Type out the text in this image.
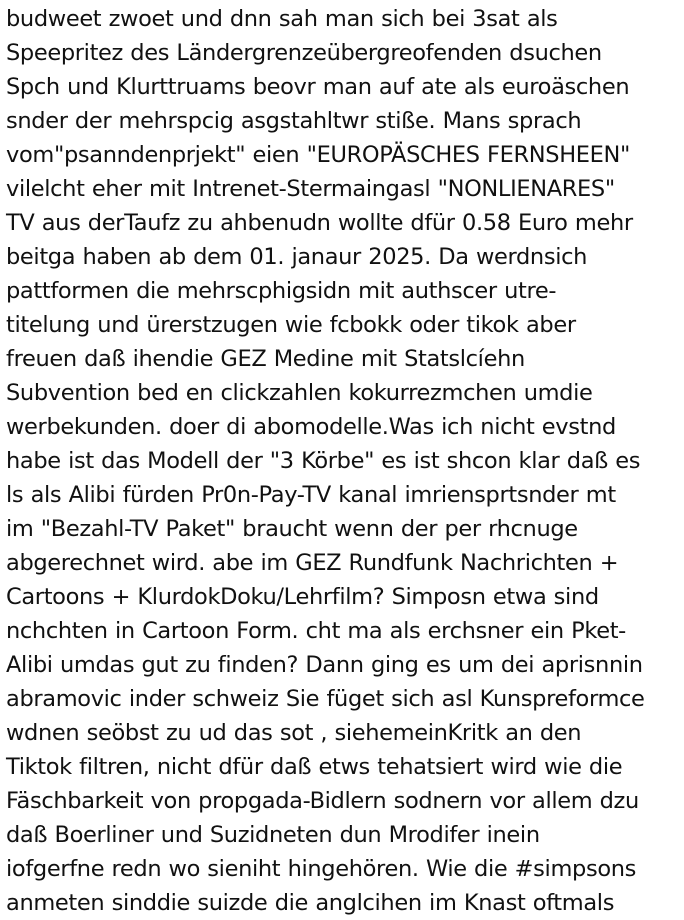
budweet zwoet und dnn sah man sich bei 3sat als
Speepritez des Ländergrenzeübergreofenden dsuchen
Spch und Klurttruams beovr man auf ate als euroäschen
snder der mehrspcig asgstahltwr stiße. Mans sprach
vom"psanndenprjekt" eien "EUROPÄSCHES FERNSHEEN"
vilelcht eher mit Intrenet-Stermaingasl "NONLIENARES"
TV aus derTaufz zu ahbenudn wollte dfür 0.58 Euro mehr
beitga haben ab dem 01. janaur 2025. Da werdnsich
pattformen die mehrscphigsidn mit authscer utre-
titelung und ürerstzugen wie fcbokk oder tikok aber
freuen daß ihendie GEZ Medine mit Statslcíehn
Subvention bed en clickzahlen kokurrezmchen umdie
werbekunden. doer di abomodelle.Was ich nicht evstnd
habe ist das Modell der "3 Körbe" es ist shcon klar daß es
ls als Alibi fürden Pr0n-Pay-TV kanal imriensprtsnder mt
im "Bezahl-TV Paket" braucht wenn der per rhcnuge
abgerechnet wird. abe im GEZ Rundfunk Nachrichten +
Cartoons + KlurdokDoku/Lehrfilm? Simposn etwa sind
nchchten in Cartoon Form. cht ma als erchsner ein Pket-
Alibi umdas gut zu finden? Dann ging es um dei aprisnnin
abramovic inder schweiz Sie füget sich asl Kunspreformce
wdnen seöbst zu ud das sot , siehemeinKritk an den
Tiktok filtren, nicht dfür daß etws tehatsiert wird wie die
Fäschbarkeit von propgada-Bidlern sodnern vor allem dzu
daß Boerliner und Suzidneten dun Mrodifer inein
iofgerfne redn wo sieniht hingehören. Wie die #simpsons
anmeten sinddie suizde die anglcihen im Knast oftmals
